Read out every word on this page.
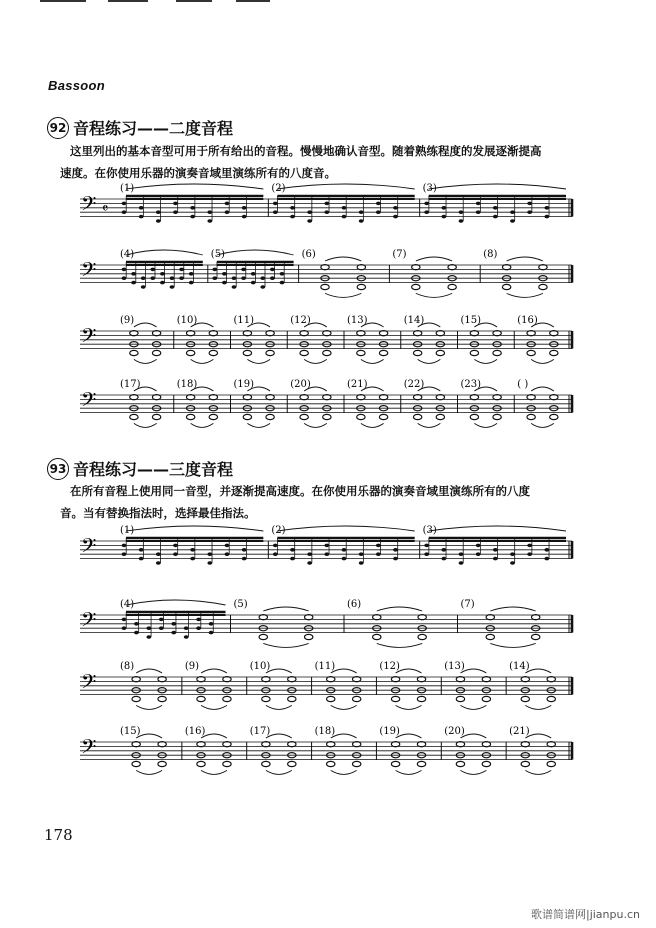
Bassoon
92 音程练习——二度音程
这里列出的基本音型可用于所有给出的音程。慢慢地确认音型。随着熟练程度的发展逐渐提高
速度。在你使用乐器的演奏音域里演练所有的八度音。
𝄢 𝄴
(1)	(2)	(3)
𝄢
(4)	(5)	(6)	(7)	(8)
𝄢
(9)	(10)	(11)	(12)	(13)	(14)	(15)	(16)
𝄢
(17)	(18)	(19)	(20)	(21)	(22)	(23)	( )
93 音程练习——三度音程
在所有音程上使用同一音型，并逐渐提高速度。在你使用乐器的演奏音域里演练所有的八度
音。当有替换指法时，选择最佳指法。
𝄢
(1)	(2)	(3)
𝄢
(4)	(5)	(6)	(7)
𝄢
(8)	(9)	(10)	(11)	(12)	(13)	(14)
𝄢
(15)	(16)	(17)	(18)	(19)	(20)	(21)
178
歌谱简谱网|jianpu.cn
